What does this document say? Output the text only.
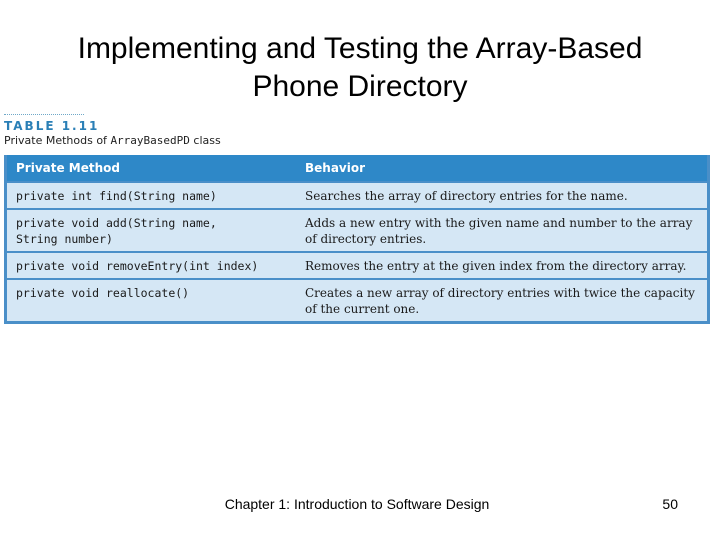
Implementing and Testing the Array-Based
Phone Directory
TABLE 1.11
Private Methods of ArrayBasedPD class
Private Method	Behavior
private int find(String name)	Searches the array of directory entries for the name.
private void add(String name,
String number)	Adds a new entry with the given name and number to the array of directory entries.
private void removeEntry(int index)	Removes the entry at the given index from the directory array.
private void reallocate()	Creates a new array of directory entries with twice the capacity of the current one.
Chapter 1: Introduction to Software Design	50
